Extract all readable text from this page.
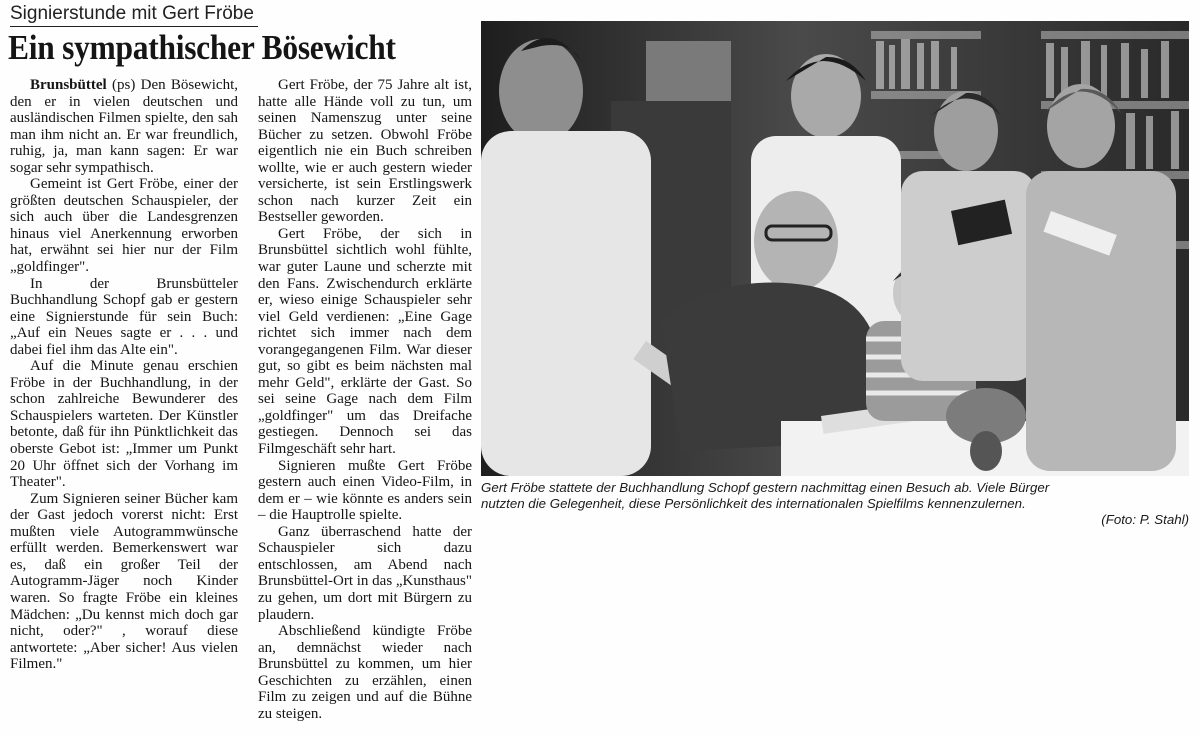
Signierstunde mit Gert Fröbe
Ein sympathischer Bösewicht

Brunsbüttel (ps) Den Bösewicht, den er in vielen deutschen und ausländischen Filmen spielte, den sah man ihm nicht an. Er war freundlich, ruhig, ja, man kann sagen: Er war sogar sehr sympathisch.

Gemeint ist Gert Fröbe, einer der größten deutschen Schauspieler, der sich auch über die Landesgrenzen hinaus viel Anerkennung erworben hat, erwähnt sei hier nur der Film „goldfinger".

In der Brunsbütteler Buchhandlung Schopf gab er gestern eine Signierstunde für sein Buch: „Auf ein Neues sagte er . . . und dabei fiel ihm das Alte ein".

Auf die Minute genau erschien Fröbe in der Buchhandlung, in der schon zahlreiche Bewunderer des Schauspielers warteten. Der Künstler betonte, daß für ihn Pünktlichkeit das oberste Gebot ist: „Immer um Punkt 20 Uhr öffnet sich der Vorhang im Theater".

Zum Signieren seiner Bücher kam der Gast jedoch vorerst nicht: Erst mußten viele Autogrammwünsche erfüllt werden. Bemerkenswert war es, daß ein großer Teil der Autogramm-Jäger noch Kinder waren. So fragte Fröbe ein kleines Mädchen: „Du kennst mich doch gar nicht, oder?" , worauf diese antwortete: „Aber sicher! Aus vielen Filmen."

Gert Fröbe, der 75 Jahre alt ist, hatte alle Hände voll zu tun, um seinen Namenszug unter seine Bücher zu setzen. Obwohl Fröbe eigentlich nie ein Buch schreiben wollte, wie er auch gestern wieder versicherte, ist sein Erstlingswerk schon nach kurzer Zeit ein Bestseller geworden.

Gert Fröbe, der sich in Brunsbüttel sichtlich wohl fühlte, war guter Laune und scherzte mit den Fans. Zwischendurch erklärte er, wieso einige Schauspieler sehr viel Geld verdienen: „Eine Gage richtet sich immer nach dem vorangegangenen Film. War dieser gut, so gibt es beim nächsten mal mehr Geld", erklärte der Gast. So sei seine Gage nach dem Film „goldfinger" um das Dreifache gestiegen. Dennoch sei das Filmgeschäft sehr hart.

Signieren mußte Gert Fröbe gestern auch einen Video-Film, in dem er – wie könnte es anders sein – die Hauptrolle spielte.

Ganz überraschend hatte der Schauspieler sich dazu entschlossen, am Abend nach Brunsbüttel-Ort in das „Kunsthaus" zu gehen, um dort mit Bürgern zu plaudern.

Abschließend kündigte Fröbe an, demnächst wieder nach Brunsbüttel zu kommen, um hier Geschichten zu erzählen, einen Film zu zeigen und auf die Bühne zu steigen.

Gert Fröbe stattete der Buchhandlung Schopf gestern nachmittag einen Besuch ab. Viele Bürger
nutzten die Gelegenheit, diese Persönlichkeit des internationalen Spielfilms kennenzulernen.
(Foto: P. Stahl)
